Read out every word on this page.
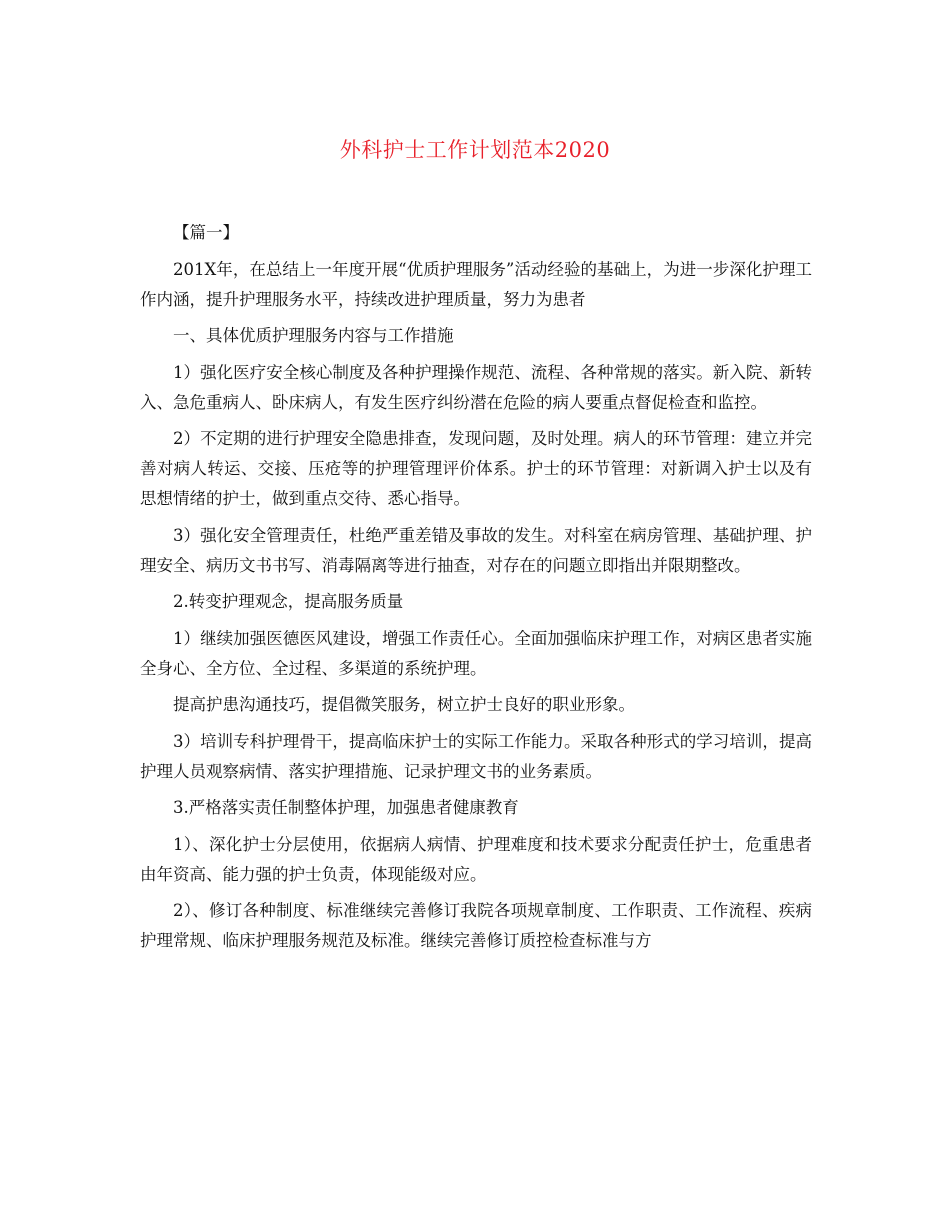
外科护士工作计划范本2020

【篇一】

201X年，在总结上一年度开展“优质护理服务”活动经验的基础上，为进一步深化护理工作内涵，提升护理服务水平，持续改进护理质量，努力为患者

一、具体优质护理服务内容与工作措施

1）强化医疗安全核心制度及各种护理操作规范、流程、各种常规的落实。新入院、新转入、急危重病人、卧床病人，有发生医疗纠纷潜在危险的病人要重点督促检查和监控。

2）不定期的进行护理安全隐患排查，发现问题，及时处理。病人的环节管理：建立并完善对病人转运、交接、压疮等的护理管理评价体系。护士的环节管理：对新调入护士以及有思想情绪的护士，做到重点交待、悉心指导。

3）强化安全管理责任，杜绝严重差错及事故的发生。对科室在病房管理、基础护理、护理安全、病历文书书写、消毒隔离等进行抽查，对存在的问题立即指出并限期整改。

2.转变护理观念，提高服务质量

1）继续加强医德医风建设，增强工作责任心。全面加强临床护理工作，对病区患者实施全身心、全方位、全过程、多渠道的系统护理。

提高护患沟通技巧，提倡微笑服务，树立护士良好的职业形象。

3）培训专科护理骨干，提高临床护士的实际工作能力。采取各种形式的学习培训，提高护理人员观察病情、落实护理措施、记录护理文书的业务素质。

3.严格落实责任制整体护理，加强患者健康教育

1）、深化护士分层使用，依据病人病情、护理难度和技术要求分配责任护士，危重患者由年资高、能力强的护士负责，体现能级对应。

2）、修订各种制度、标准继续完善修订我院各项规章制度、工作职责、工作流程、疾病护理常规、临床护理服务规范及标准。继续完善修订质控检查标准与方
